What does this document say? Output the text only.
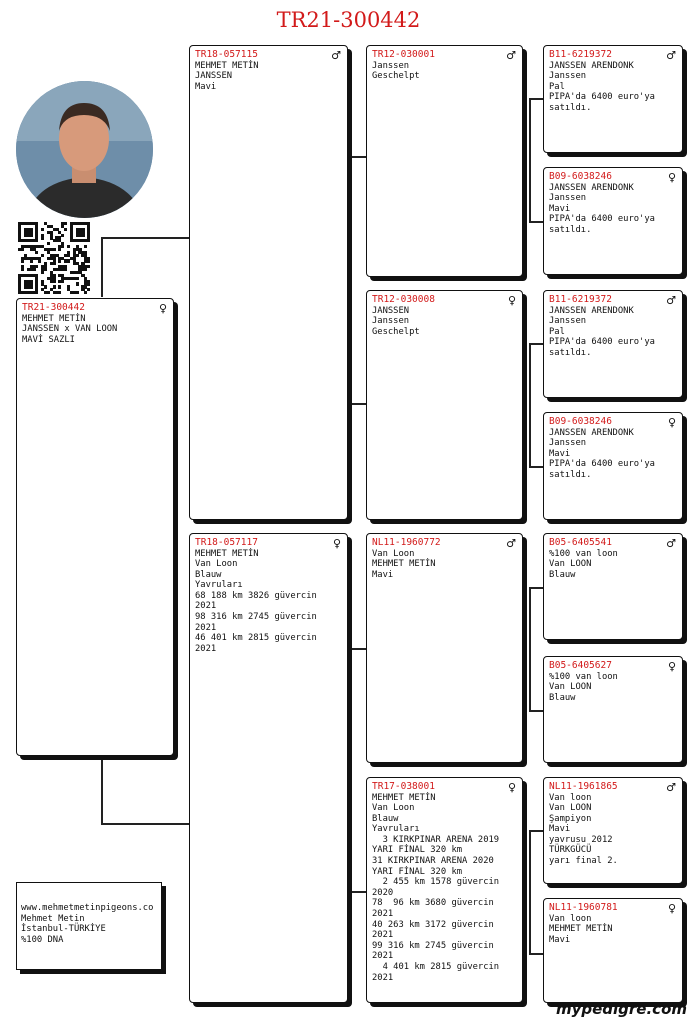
TR21-300442
TR21-300442	♀
MEHMET METİN
JANSSEN x VAN LOON
MAVİ SAZLI
TR18-057115	♂
MEHMET METİN
JANSSEN
Mavi
TR18-057117	♀
MEHMET METİN
Van Loon
Blauw
Yavruları
68 188 km 3826 güvercin
2021
98 316 km 2745 güvercin
2021
46 401 km 2815 güvercin
2021
TR12-030001	♂
Janssen
Geschelpt
TR12-030008	♀
JANSSEN
Janssen
Geschelpt
NL11-1960772	♂
Van Loon
MEHMET METİN
Mavi
TR17-038001	♀
MEHMET METİN
Van Loon
Blauw
Yavruları
3 KIRKPINAR ARENA 2019
YARI FİNAL 320 km
31 KIRKPINAR ARENA 2020
YARI FİNAL 320 km
2 455 km 1578 güvercin
2020
78  96 km 3680 güvercin
2021
40 263 km 3172 güvercin
2021
99 316 km 2745 güvercin
2021
4 401 km 2815 güvercin
2021
B11-6219372	♂
JANSSEN ARENDONK
Janssen
Pal
PIPA'da 6400 euro'ya
satıldı.
B09-6038246	♀
JANSSEN ARENDONK
Janssen
Mavi
PIPA'da 6400 euro'ya
satıldı.
B11-6219372	♂
JANSSEN ARENDONK
Janssen
Pal
PIPA'da 6400 euro'ya
satıldı.
B09-6038246	♀
JANSSEN ARENDONK
Janssen
Mavi
PIPA'da 6400 euro'ya
satıldı.
B05-6405541	♂
%100 van loon
Van LOON
Blauw
B05-6405627	♀
%100 van loon
Van LOON
Blauw
NL11-1961865	♂
Van loon
Van LOON
Şampiyon
Mavi
yavrusu 2012
TÜRKGÜCÜ
yarı final 2.
NL11-1960781	♀
Van loon
MEHMET METİN
Mavi
www.mehmetmetinpigeons.co
Mehmet Metin
İstanbul-TÜRKİYE
%100 DNA
mypedigre.com
